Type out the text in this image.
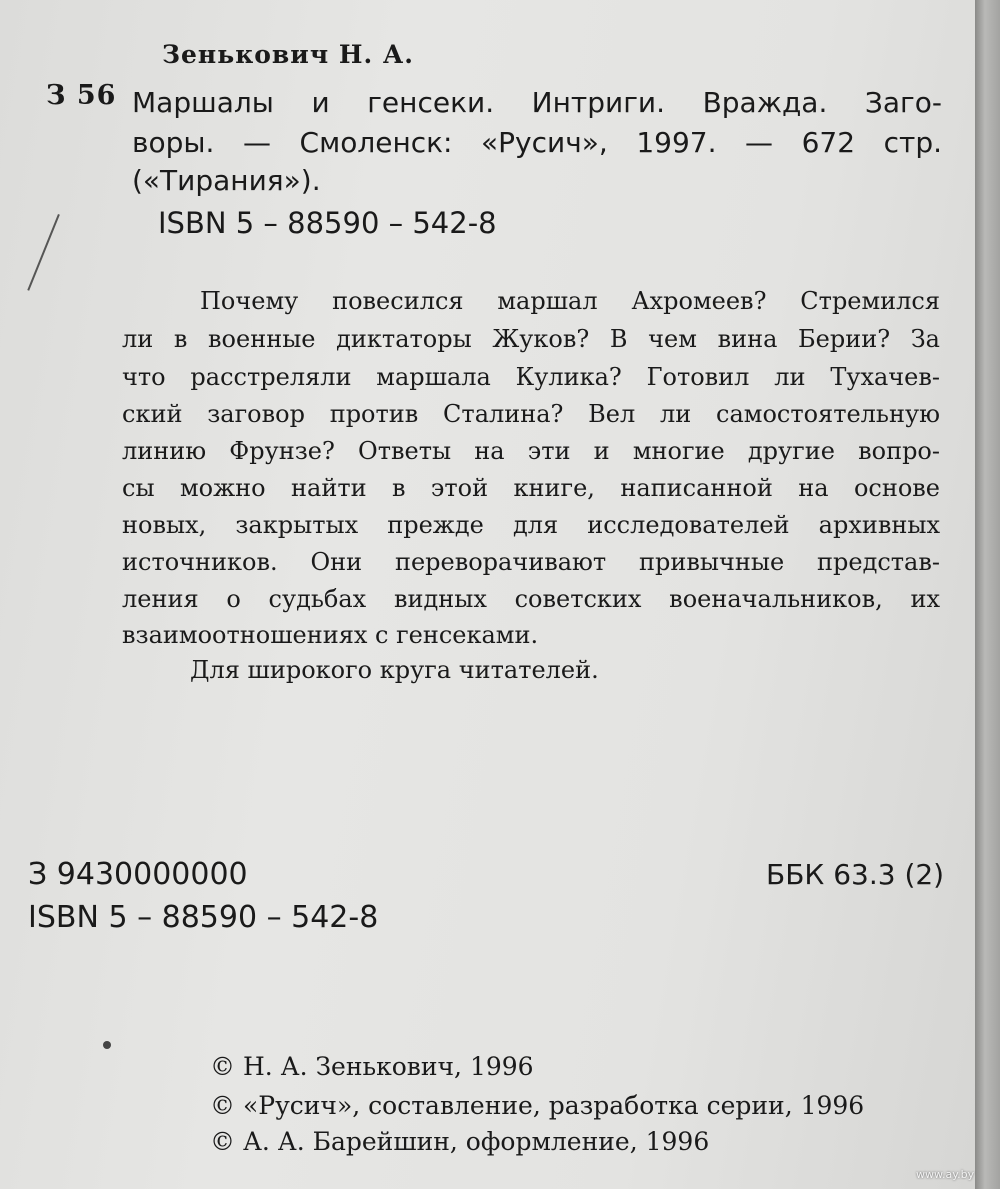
Зенькович Н. А.

З 56 Маршалы и генсеки. Интриги. Вражда. Заго-

воры. — Смоленск: «Русич», 1997. — 672 стр.

(«Тирания»).

ISBN 5 – 88590 – 542-8

Почему повесился маршал Ахромеев? Стремился

ли в военные диктаторы Жуков? В чем вина Берии? За

что расстреляли маршала Кулика? Готовил ли Тухачев-

ский заговор против Сталина? Вел ли самостоятельную

линию Фрунзе? Ответы на эти и многие другие вопро-

сы можно найти в этой книге, написанной на основе

новых, закрытых прежде для исследователей архивных

источников. Они переворачивают привычные представ-

ления о судьбах видных советских военачальников, их

взаимоотношениях с генсеками.

Для широкого круга читателей.

З 9430000000

ISBN 5 – 88590 – 542-8

ББК 63.3 (2)

© Н. А. Зенькович, 1996

© «Русич», составление, разработка серии, 1996

© А. А. Барейшин, оформление, 1996

www.ay.by
